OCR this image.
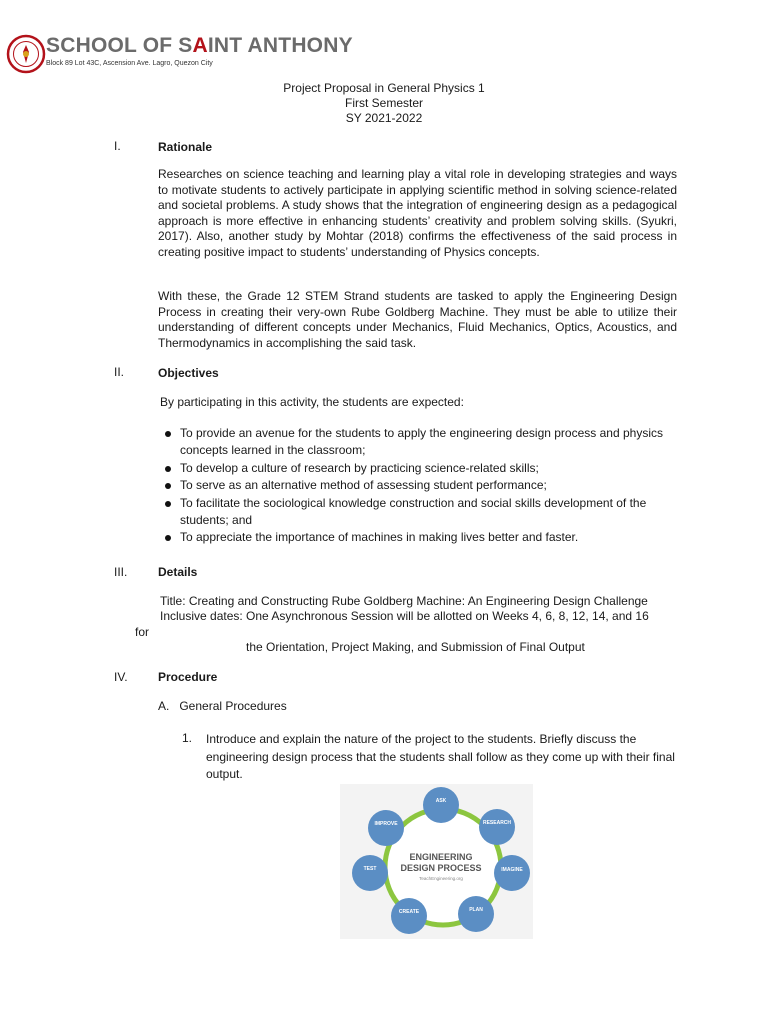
SCHOOL OF SAINT ANTHONY
Block 89 Lot 43C, Ascension Ave. Lagro, Quezon City
Project Proposal in General Physics 1
First Semester
SY 2021-2022
I.	Rationale
Researches on science teaching and learning play a vital role in developing strategies and ways to motivate students to actively participate in applying scientific method in solving science-related and societal problems. A study shows that the integration of engineering design as a pedagogical approach is more effective in enhancing students’ creativity and problem solving skills. (Syukri, 2017). Also, another study by Mohtar (2018) confirms the effectiveness of the said process in creating positive impact to students’ understanding of Physics concepts.
With these, the Grade 12 STEM Strand students are tasked to apply the Engineering Design Process in creating their very-own Rube Goldberg Machine. They must be able to utilize their understanding of different concepts under Mechanics, Fluid Mechanics, Optics, Acoustics, and Thermodynamics in accomplishing the said task.
II.	Objectives
By participating in this activity, the students are expected:
To provide an avenue for the students to apply the engineering design process and physics concepts learned in the classroom;
To develop a culture of research by practicing science-related skills;
To serve as an alternative method of assessing student performance;
To facilitate the sociological knowledge construction and social skills development of the students; and
To appreciate the importance of machines in making lives better and faster.
III.	Details
Title: Creating and Constructing Rube Goldberg Machine: An Engineering Design Challenge
Inclusive dates: One Asynchronous Session will be allotted on Weeks 4, 6, 8, 12, 14, and 16
for
the Orientation, Project Making, and Submission of Final Output
IV.	Procedure
A.   General Procedures
1. Introduce and explain the nature of the project to the students. Briefly discuss the engineering design process that the students shall follow as they come up with their final output.
ENGINEERING
DESIGN PROCESS
TeachEngineering.org
ASK
RESEARCH
IMAGINE
PLAN
CREATE
TEST
IMPROVE
